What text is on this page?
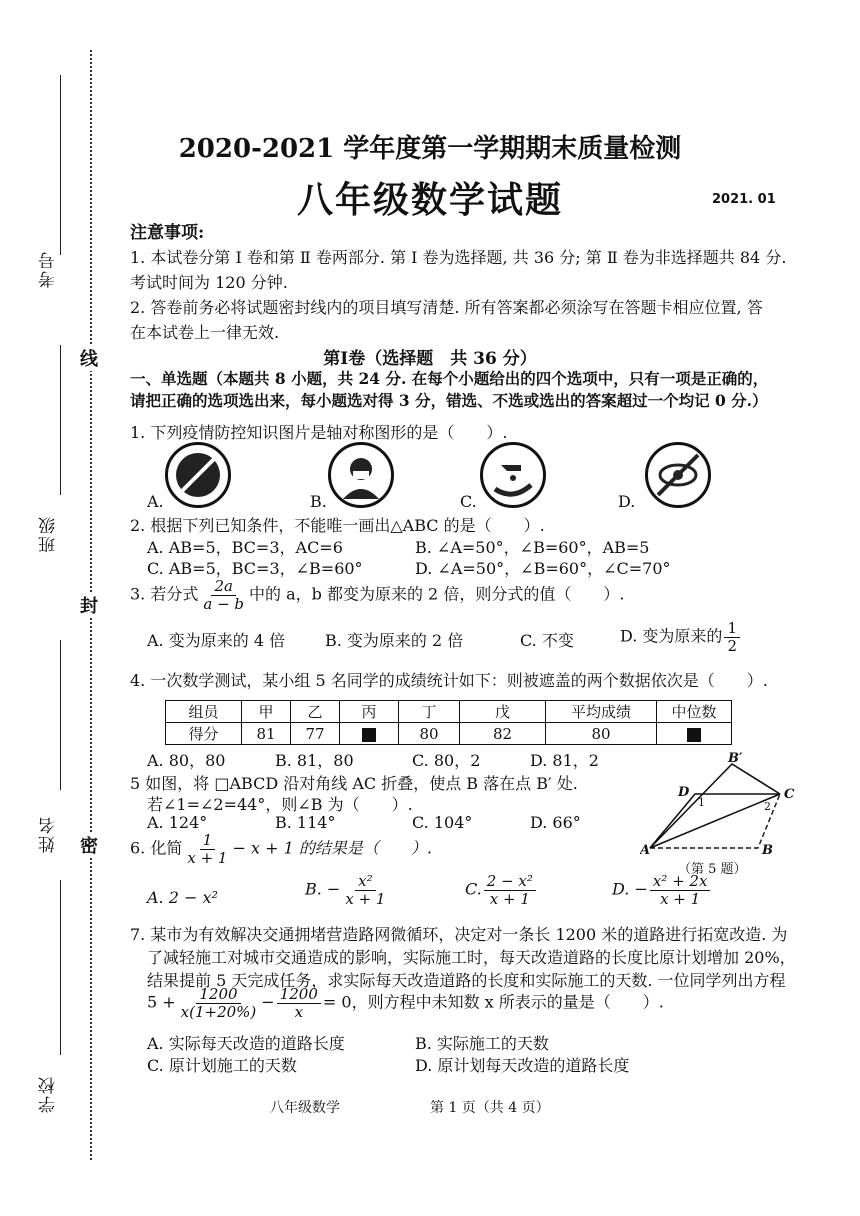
考号
班级
姓名
学校
线
封
密
2020-2021 学年度第一学期期末质量检测
八年级数学试题	2021. 01
注意事项:
1. 本试卷分第 Ⅰ 卷和第 Ⅱ 卷两部分. 第 Ⅰ 卷为选择题, 共 36 分; 第 Ⅱ 卷为非选择题共 84 分.
考试时间为 120 分钟.
2. 答卷前务必将试题密封线内的项目填写清楚. 所有答案都必须涂写在答题卡相应位置, 答
在本试卷上一律无效.
第Ⅰ卷（选择题　共 36 分）
一、单选题（本题共 8 小题，共 24 分. 在每个小题给出的四个选项中，只有一项是正确的，
请把正确的选项选出来，每小题选对得 3 分，错选、不选或选出的答案超过一个均记 0 分.）
1. 下列疫情防控知识图片是轴对称图形的是（　　）.
A.	B.	C.	D.
2. 根据下列已知条件，不能唯一画出△ABC 的是（　　）.
A. AB=5，BC=3，AC=6	B. ∠A=50°，∠B=60°，AB=5
C. AB=5，BC=3，∠B=60°	D. ∠A=50°，∠B=60°，∠C=70°
3. 若分式 $\frac{2a}{a - b}$ 中的 a，b 都变为原来的 2 倍，则分式的值（　　）.
A. 变为原来的 4 倍 B. 变为原来的 2 倍	C. 不变	D. 变为原来的 $\frac{1}{2}$
4. 一次数学测试，某小组 5 名同学的成绩统计如下：则被遮盖的两个数据依次是（　　）.
组员	甲	乙	丙	丁	戊	平均成绩	中位数
得分	81	77		80	82	80	
A. 80，80	B. 81，80	C. 80，2	D. 81，2
5 如图，将 □ABCD 沿对角线 AC 折叠，使点 B 落在点 B′ 处.
若∠1=∠2=44°，则∠B 为（　　）.
A. 124°	B. 114°	C. 104°	D. 66°
D
A	B
C
B′
1	2
（第 5 题）
6. 化简 $\frac{1}{x + 1} - x + 1$ 的结果是（　　）.
A. 2 − x²	B. − $\frac{\text{x²}}{x + 1}$	C. $\frac{\text{2 − x²}}{x + 1}$	D. − $\frac{\text{x² + 2x}}{x + 1}$
7. 某市为有效解决交通拥堵营造路网微循环，决定对一条长 1200 米的道路进行拓宽改造. 为
了减轻施工对城市交通造成的影响，实际施工时，每天改造道路的长度比原计划增加 20%，
结果提前 5 天完成任务，求实际每天改造道路的长度和实际施工的天数. 一位同学列出方程
$5 + \frac{1200}{x(1+20\%)} - \frac{1200}{x} = 0$，则方程中未知数 x 所表示的量是（　　）.
A. 实际每天改造的道路长度	B. 实际施工的天数
C. 原计划施工的天数	D. 原计划每天改造的道路长度
八年级数学	第 1 页（共 4 页）
